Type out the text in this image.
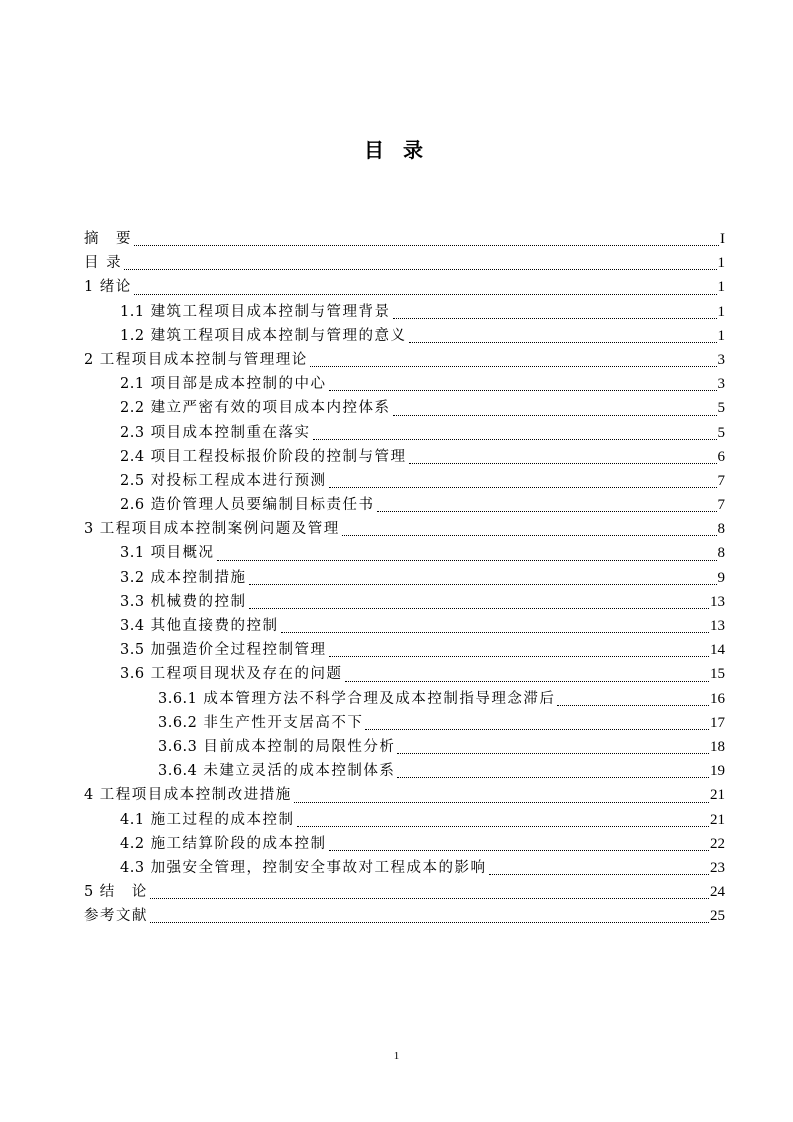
目 录
摘　要	I
目 录	1
1 绪论	1
1.1 建筑工程项目成本控制与管理背景	1
1.2 建筑工程项目成本控制与管理的意义	1
2 工程项目成本控制与管理理论	3
2.1 项目部是成本控制的中心	3
2.2 建立严密有效的项目成本内控体系	5
2.3 项目成本控制重在落实	5
2.4 项目工程投标报价阶段的控制与管理	6
2.5 对投标工程成本进行预测	7
2.6 造价管理人员要编制目标责任书	7
3 工程项目成本控制案例问题及管理	8
3.1 项目概况	8
3.2 成本控制措施	9
3.3 机械费的控制	13
3.4 其他直接费的控制	13
3.5 加强造价全过程控制管理	14
3.6 工程项目现状及存在的问题	15
3.6.1 成本管理方法不科学合理及成本控制指导理念滞后	16
3.6.2 非生产性开支居高不下	17
3.6.3 目前成本控制的局限性分析	18
3.6.4 未建立灵活的成本控制体系	19
4 工程项目成本控制改进措施	21
4.1 施工过程的成本控制	21
4.2 施工结算阶段的成本控制	22
4.3 加强安全管理，控制安全事故对工程成本的影响	23
5 结　论	24
参考文献	25
1
